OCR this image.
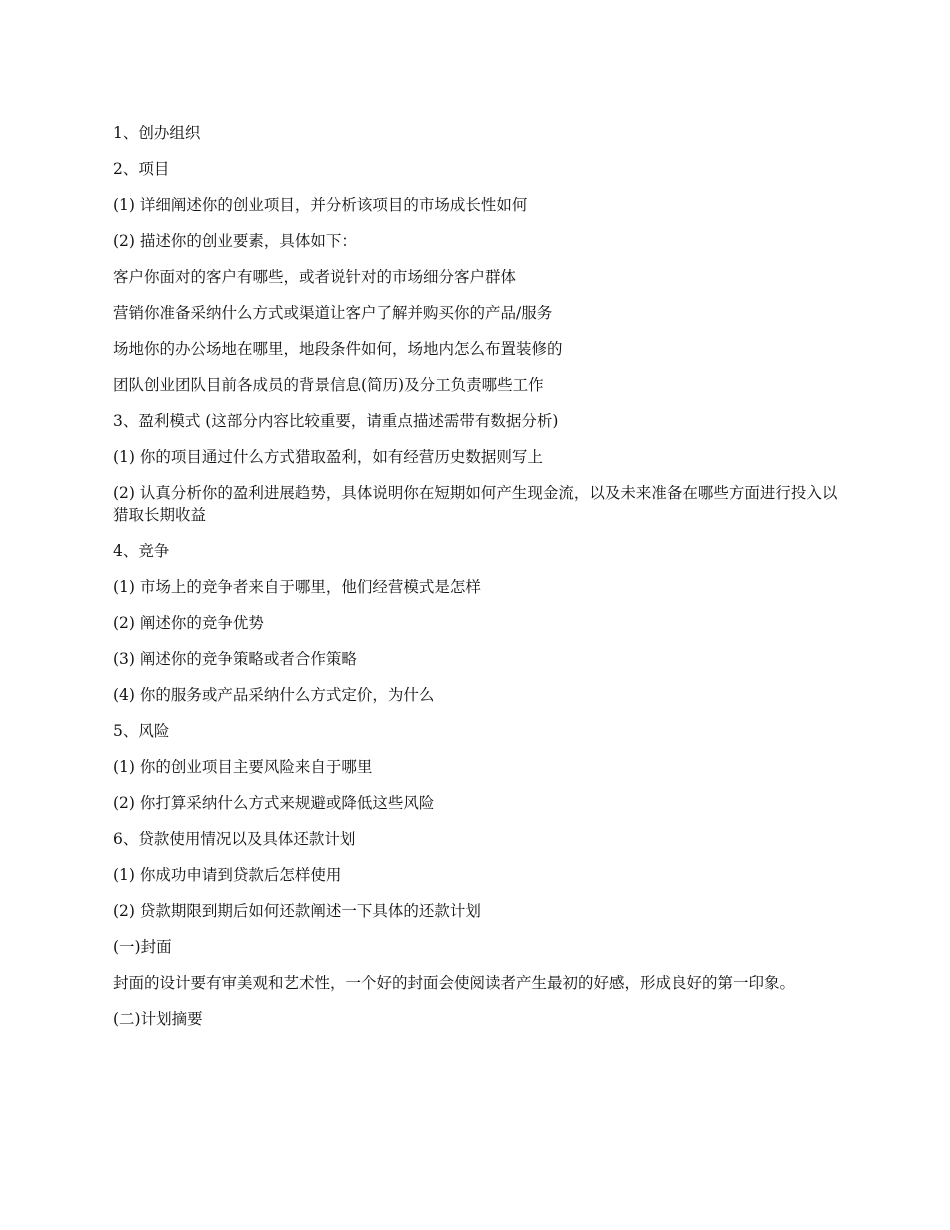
1、创办组织

2、项目

(1) 详细阐述你的创业项目，并分析该项目的市场成长性如何

(2) 描述你的创业要素，具体如下：

客户你面对的客户有哪些，或者说针对的市场细分客户群体

营销你准备采纳什么方式或渠道让客户了解并购买你的产品/服务

场地你的办公场地在哪里，地段条件如何，场地内怎么布置装修的

团队创业团队目前各成员的背景信息(简历)及分工负责哪些工作

3、盈利模式 (这部分内容比较重要，请重点描述需带有数据分析)

(1) 你的项目通过什么方式猎取盈利，如有经营历史数据则写上

(2) 认真分析你的盈利进展趋势，具体说明你在短期如何产生现金流，以及未来准备在哪些方面进行投入以猎取长期收益

4、竞争

(1) 市场上的竞争者来自于哪里，他们经营模式是怎样

(2) 阐述你的竞争优势

(3) 阐述你的竞争策略或者合作策略

(4) 你的服务或产品采纳什么方式定价，为什么

5、风险

(1) 你的创业项目主要风险来自于哪里

(2) 你打算采纳什么方式来规避或降低这些风险

6、贷款使用情况以及具体还款计划

(1) 你成功申请到贷款后怎样使用

(2) 贷款期限到期后如何还款阐述一下具体的还款计划

(一)封面

封面的设计要有审美观和艺术性，一个好的封面会使阅读者产生最初的好感，形成良好的第一印象。

(二)计划摘要
